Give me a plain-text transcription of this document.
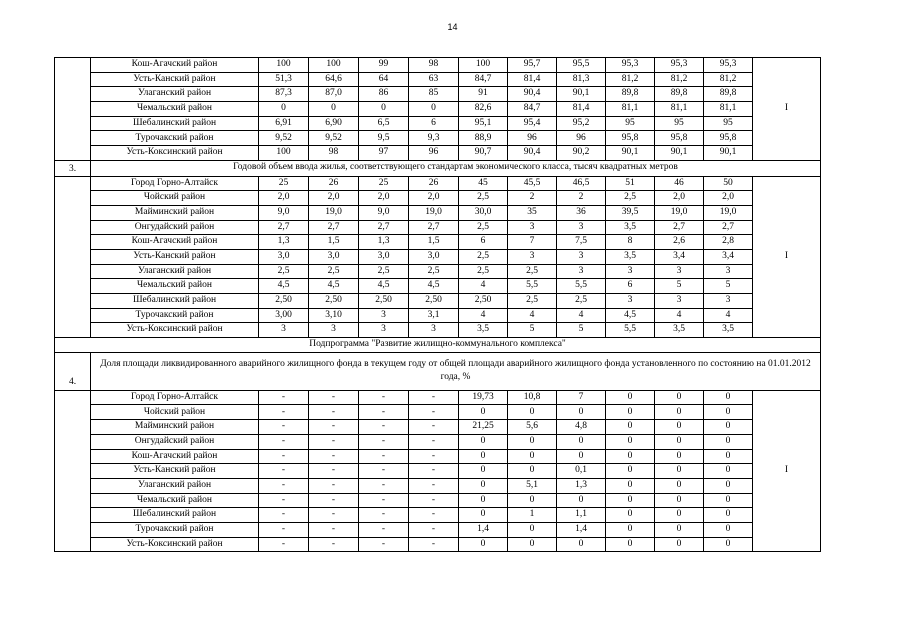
14
	Кош-Агачский район	100	100	99	98	100	95,7	95,5	95,3	95,3	95,3	I
	Усть-Канский район	51,3	64,6	64	63	84,7	81,4	81,3	81,2	81,2	81,2	
	Улаганский район	87,3	87,0	86	85	91	90,4	90,1	89,8	89,8	89,8	
	Чемальский район	0	0	0	0	82,6	84,7	81,4	81,1	81,1	81,1	
	Шебалинский район	6,91	6,90	6,5	6	95,1	95,4	95,2	95	95	95	
	Турочакский район	9,52	9,52	9,5	9,3	88,9	96	96	95,8	95,8	95,8	
	Усть-Коксинский район	100	98	97	96	90,7	90,4	90,2	90,1	90,1	90,1	
3.	Годовой объем ввода жилья, соответствующего стандартам экономического класса, тысяч квадратных метров											
	Город Горно-Алтайск	25	26	25	26	45	45,5	46,5	51	46	50	I
	Чойский район	2,0	2,0	2,0	2,0	2,5	2	2	2,5	2,0	2,0	
	Майминский район	9,0	19,0	9,0	19,0	30,0	35	36	39,5	19,0	19,0	
	Онгудайский район	2,7	2,7	2,7	2,7	2,5	3	3	3,5	2,7	2,7	
	Кош-Агачский район	1,3	1,5	1,3	1,5	6	7	7,5	8	2,6	2,8	
	Усть-Канский район	3,0	3,0	3,0	3,0	2,5	3	3	3,5	3,4	3,4	
	Улаганский район	2,5	2,5	2,5	2,5	2,5	2,5	3	3	3	3	
	Чемальский район	4,5	4,5	4,5	4,5	4	5,5	5,5	6	5	5	
	Шебалинский район	2,50	2,50	2,50	2,50	2,50	2,5	2,5	3	3	3	
	Турочакский район	3,00	3,10	3	3,1	4	4	4	4,5	4	4	
	Усть-Коксинский район	3	3	3	3	3,5	5	5	5,5	3,5	3,5	
Подпрограмма "Развитие жилищно-коммунального комплекса"												
4.	Доля площади ликвидированного аварийного жилищного фонда в текущем году от общей площади аварийного жилищного фонда установленного по состоянию на 01.01.2012 года, %											
	Город Горно-Алтайск	-	-	-	-	19,73	10,8	7	0	0	0	I
	Чойский район	-	-	-	-	0	0	0	0	0	0	
	Майминский район	-	-	-	-	21,25	5,6	4,8	0	0	0	
	Онгудайский район	-	-	-	-	0	0	0	0	0	0	
	Кош-Агачский район	-	-	-	-	0	0	0	0	0	0	
	Усть-Канский район	-	-	-	-	0	0	0,1	0	0	0	
	Улаганский район	-	-	-	-	0	5,1	1,3	0	0	0	
	Чемальский район	-	-	-	-	0	0	0	0	0	0	
	Шебалинский район	-	-	-	-	0	1	1,1	0	0	0	
	Турочакский район	-	-	-	-	1,4	0	1,4	0	0	0	
	Усть-Коксинский район	-	-	-	-	0	0	0	0	0	0	
